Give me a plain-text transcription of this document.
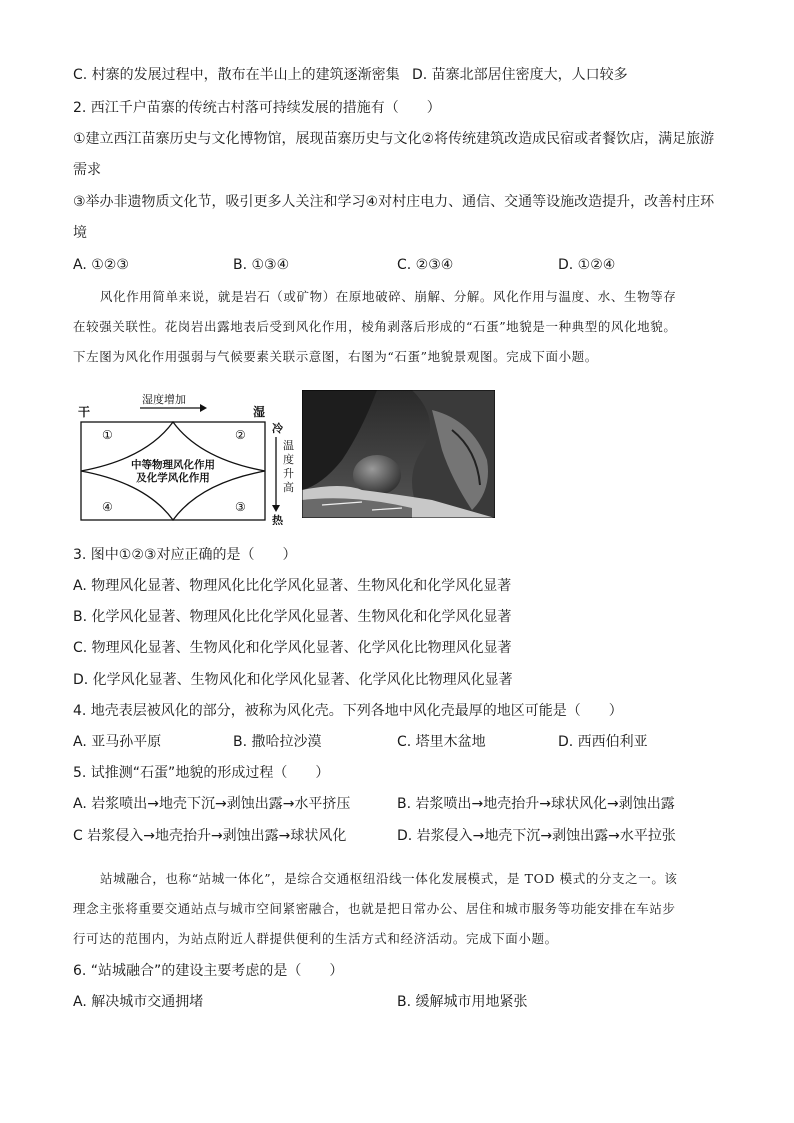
C. 村寨的发展过程中，散布在半山上的建筑逐渐密集 D. 苗寨北部居住密度大，人口较多
2. 西江千户苗寨的传统古村落可持续发展的措施有（　　）
①建立西江苗寨历史与文化博物馆，展现苗寨历史与文化②将传统建筑改造成民宿或者餐饮店，满足旅游
需求
③举办非遗物质文化节，吸引更多人关注和学习④对村庄电力、通信、交通等设施改造提升，改善村庄环
境
A. ①②③	B. ①③④	C. ②③④	D. ①②④
风化作用简单来说，就是岩石（或矿物）在原地破碎、崩解、分解。风化作用与温度、水、生物等存
在较强关联性。花岗岩出露地表后受到风化作用，棱角剥落后形成的“石蛋”地貌是一种典型的风化地貌。
下左图为风化作用强弱与气候要素关联示意图，右图为“石蛋”地貌景观图。完成下面小题。
干
湿度增加
湿
中等物理风化作用
及化学风化作用
①	②
③
④
冷
温
度
升
高
热
3. 图中①②③对应正确的是（　　）
A. 物理风化显著、物理风化比化学风化显著、生物风化和化学风化显著
B. 化学风化显著、物理风化比化学风化显著、生物风化和化学风化显著
C. 物理风化显著、生物风化和化学风化显著、化学风化比物理风化显著
D. 化学风化显著、生物风化和化学风化显著、化学风化比物理风化显著
4. 地壳表层被风化的部分，被称为风化壳。下列各地中风化壳最厚的地区可能是（　　）
A. 亚马孙平原	B. 撒哈拉沙漠	C. 塔里木盆地	D. 西西伯利亚
5. 试推测“石蛋”地貌的形成过程（　　）
A. 岩浆喷出→地壳下沉→剥蚀出露→水平挤压	B. 岩浆喷出→地壳抬升→球状风化→剥蚀出露
C 岩浆侵入→地壳抬升→剥蚀出露→球状风化	D. 岩浆侵入→地壳下沉→剥蚀出露→水平拉张
站城融合，也称“站城一体化”，是综合交通枢纽沿线一体化发展模式，是 TOD 模式的分支之一。该
理念主张将重要交通站点与城市空间紧密融合，也就是把日常办公、居住和城市服务等功能安排在车站步
行可达的范围内，为站点附近人群提供便利的生活方式和经济活动。完成下面小题。
6. “站城融合”的建设主要考虑的是（　　）
A. 解决城市交通拥堵	B. 缓解城市用地紧张
